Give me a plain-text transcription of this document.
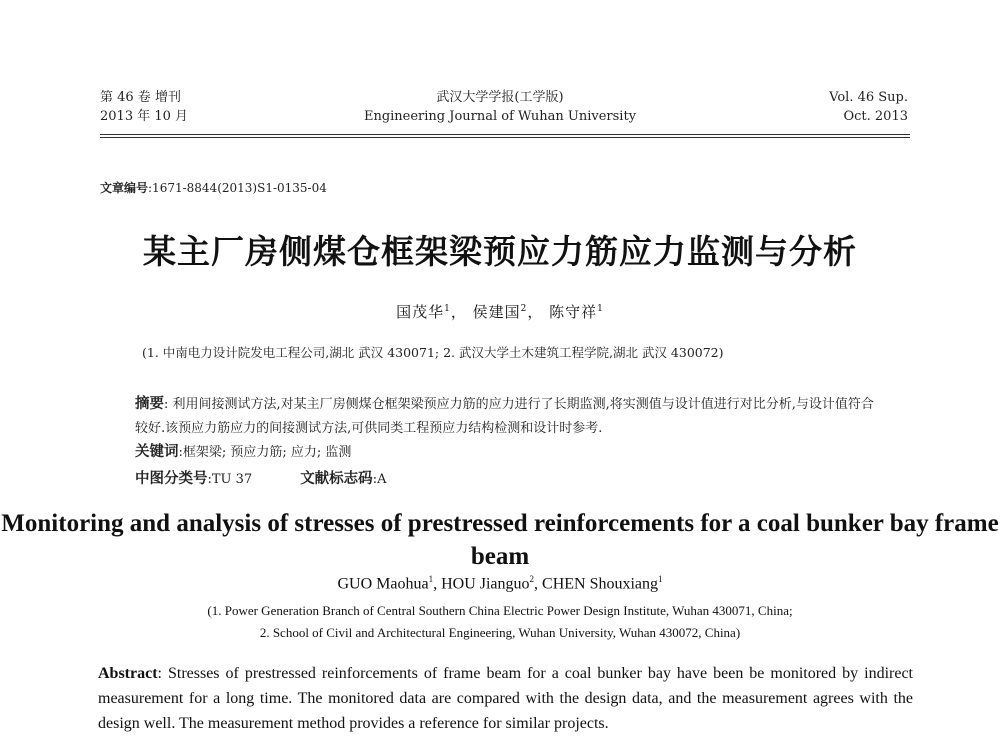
第 46 卷 增刊
2013 年 10 月
武汉大学学报(工学版)
Engineering Journal of Wuhan University
Vol. 46 Sup.
Oct. 2013
文章编号:1671-8844(2013)S1-0135-04
某主厂房侧煤仓框架梁预应力筋应力监测与分析
国茂华$^1$， 侯建国$^2$， 陈守祥$^1$
(1. 中南电力设计院发电工程公司,湖北 武汉 430071; 2. 武汉大学土木建筑工程学院,湖北 武汉 430072)
摘要: 利用间接测试方法,对某主厂房侧煤仓框架梁预应力筋的应力进行了长期监测,将实测值与设计值进行对比分析,与设计值符合较好.该预应力筋应力的间接测试方法,可供同类工程预应力结构检测和设计时参考.
关键词:框架梁; 预应力筋; 应力; 监测
中图分类号:TU 37	文献标志码:A
Monitoring and analysis of stresses of prestressed reinforcements for a coal bunker bay frame beam
GUO Maohua$^1$, HOU Jianguo$^2$, CHEN Shouxiang$^1$
(1. Power Generation Branch of Central Southern China Electric Power Design Institute, Wuhan 430071, China;
2. School of Civil and Architectural Engineering, Wuhan University, Wuhan 430072, China)
Abstract: Stresses of prestressed reinforcements of frame beam for a coal bunker bay have been be monitored by indirect measurement for a long time. The monitored data are compared with the design data, and the measurement agrees with the design well. The measurement method provides a reference for similar projects.
